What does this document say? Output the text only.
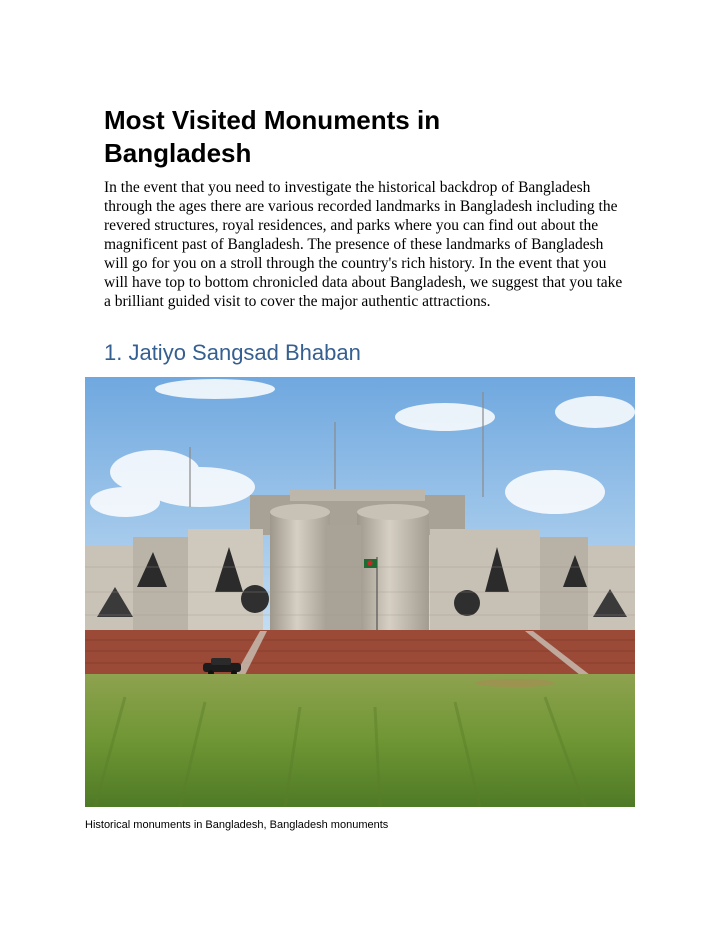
Most Visited Monuments in Bangladesh

In the event that you need to investigate the historical backdrop of Bangladesh through the ages there are various recorded landmarks in Bangladesh including the revered structures, royal residences, and parks where you can find out about the magnificent past of Bangladesh. The presence of these landmarks of Bangladesh will go for you on a stroll through the country's rich history. In the event that you will have top to bottom chronicled data about Bangladesh, we suggest that you take a brilliant guided visit to cover the major authentic attractions.

1. Jatiyo Sangsad Bhaban

Historical monuments in Bangladesh, Bangladesh monuments
